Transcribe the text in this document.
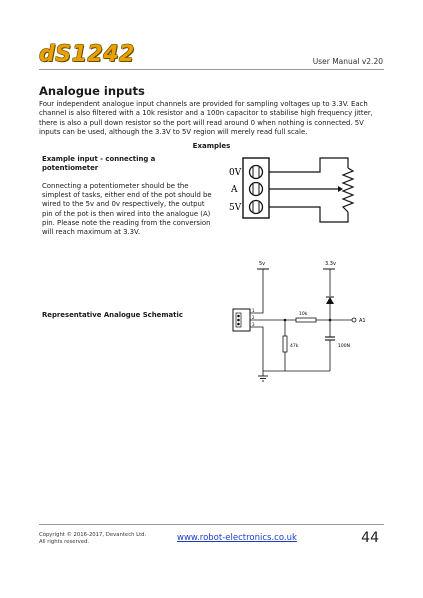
dS1242	User Manual v2.20
Analogue inputs
Four independent analogue input channels are provided for sampling voltages up to 3.3V. Each channel is also filtered with a 10k resistor and a 100n capacitor to stabilise high frequency jitter, there is also a pull down resistor so the port will read around 0 when nothing is connected. 5V inputs can be used, although the 3.3V to 5V region will merely read full scale.
Examples
Example input - connecting a potentiometer
Connecting a potentiometer should be the simplest of tasks, either end of the pot should be wired to the 5v and 0v respectively, the output pin of the pot is then wired into the analogue (A) pin. Please note the reading from the conversion will reach maximum at 3.3V.
0V
A
5V
Representative Analogue Schematic
5v	3.3v
1
2
3
10k
A1
47k	100N
Copyright © 2016-2017, Devantech Ltd.
All rights reserved.	www.robot-electronics.co.uk	44
